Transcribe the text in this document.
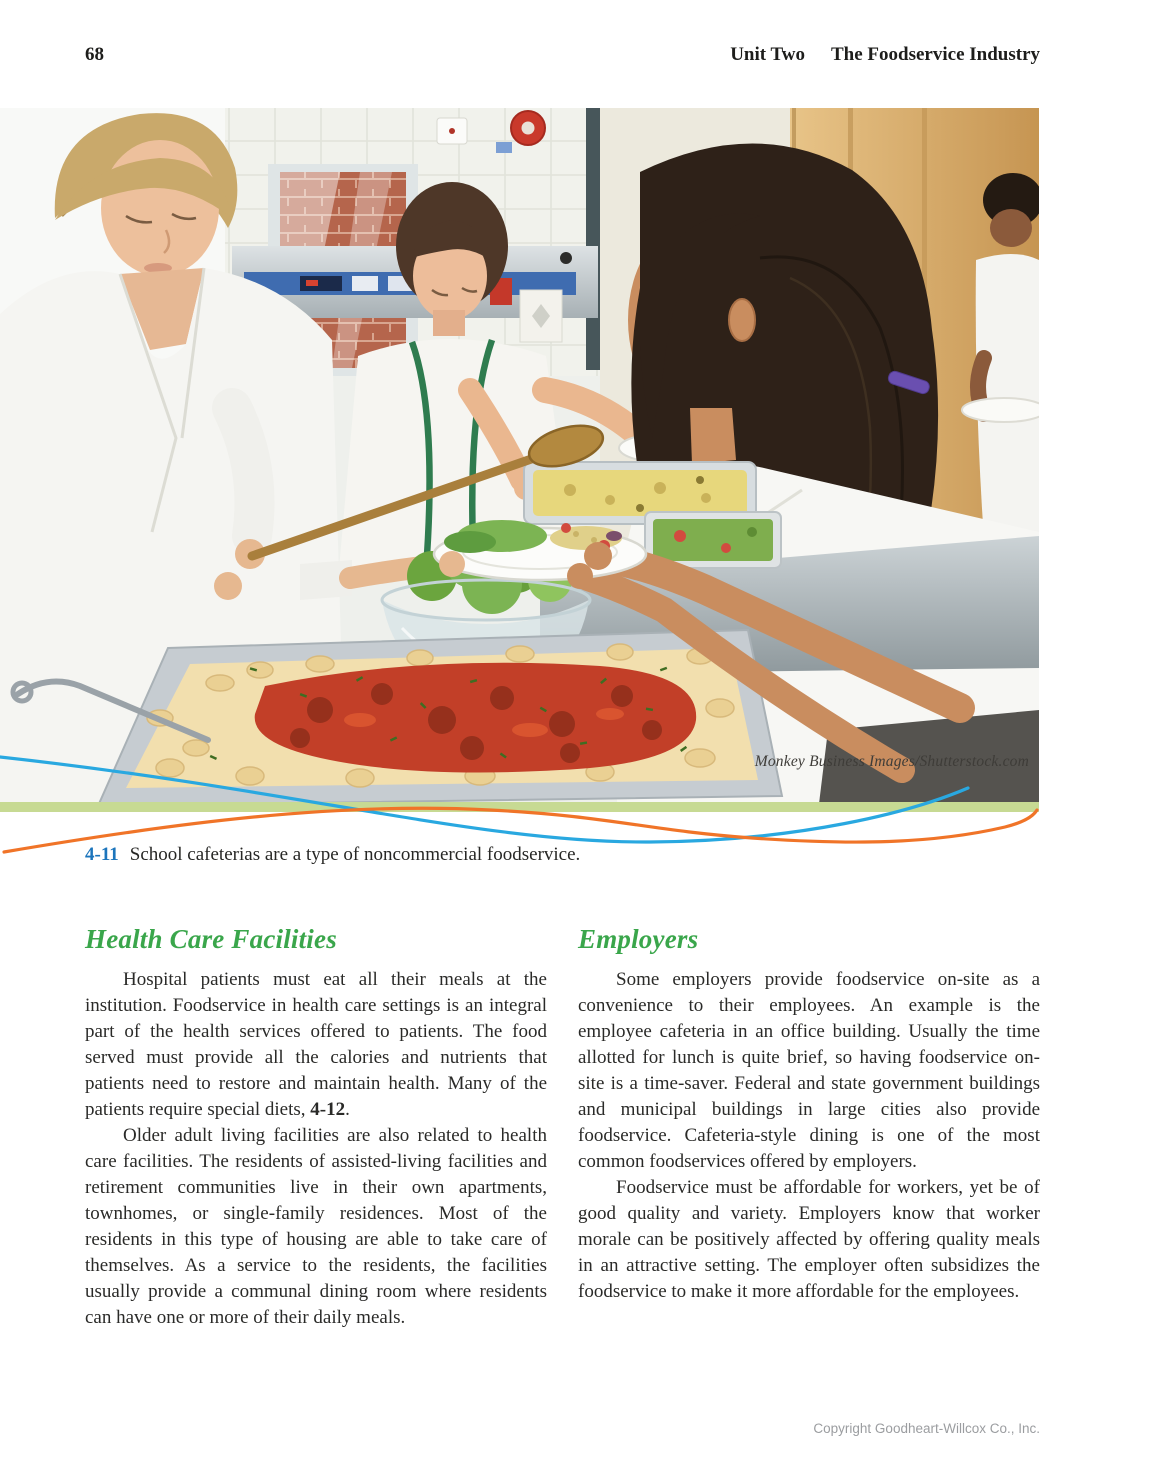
68	Unit Two The Foodservice Industry
Monkey Business Images/Shutterstock.com
4-11 School cafeterias are a type of noncommercial foodservice.
Health Care Facilities

Hospital patients must eat all their meals at the institution. Foodservice in health care settings is an integral part of the health services offered to patients. The food served must provide all the calories and nutrients that patients need to restore and maintain health. Many of the patients require special diets, 4-12.

Older adult living facilities are also related to health care facilities. The residents of assisted-living facilities and retirement communities live in their own apartments, townhomes, or single-family residences. Most of the residents in this type of housing are able to take care of themselves. As a service to the residents, the facilities usually provide a communal dining room where residents can have one or more of their daily meals.

Employers

Some employers provide foodservice on-site as a convenience to their employees. An example is the employee cafeteria in an office building. Usually the time allotted for lunch is quite brief, so having foodservice on-site is a time-saver. Federal and state government buildings and municipal buildings in large cities also provide foodservice. Cafeteria-style dining is one of the most common foodservices offered by employers.

Foodservice must be affordable for workers, yet be of good quality and variety. Employers know that worker morale can be positively affected by offering quality meals in an attractive setting. The employer often subsidizes the foodservice to make it more affordable for the employees.

Copyright Goodheart-Willcox Co., Inc.
